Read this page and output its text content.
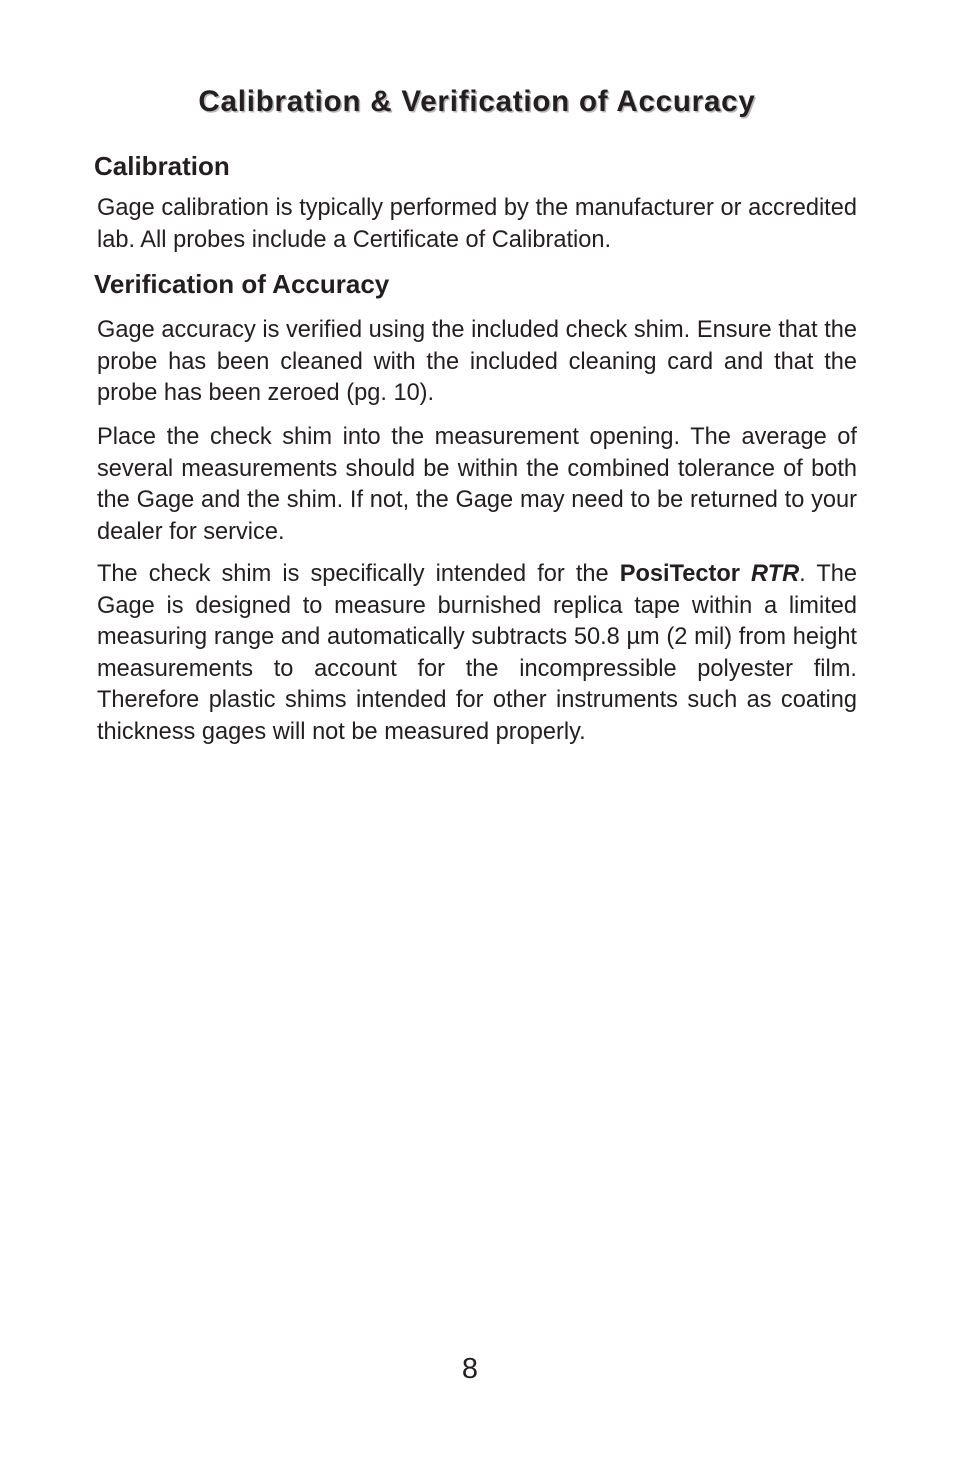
Calibration & Verification of Accuracy
Calibration

Gage calibration is typically performed by the manufacturer or accredited lab. All probes include a Certificate of Calibration.

Verification of Accuracy

Gage accuracy is verified using the included check shim. Ensure that the probe has been cleaned with the included cleaning card and that the probe has been zeroed (pg. 10).

Place the check shim into the measurement opening. The average of several measurements should be within the combined tolerance of both the Gage and the shim. If not, the Gage may need to be returned to your dealer for service.

The check shim is specifically intended for the PosiTector RTR. The Gage is designed to measure burnished replica tape within a limited measuring range and automatically subtracts 50.8 µm (2 mil) from height measurements to account for the incompressible polyester film. Therefore plastic shims intended for other instruments such as coating thickness gages will not be measured properly.

8
